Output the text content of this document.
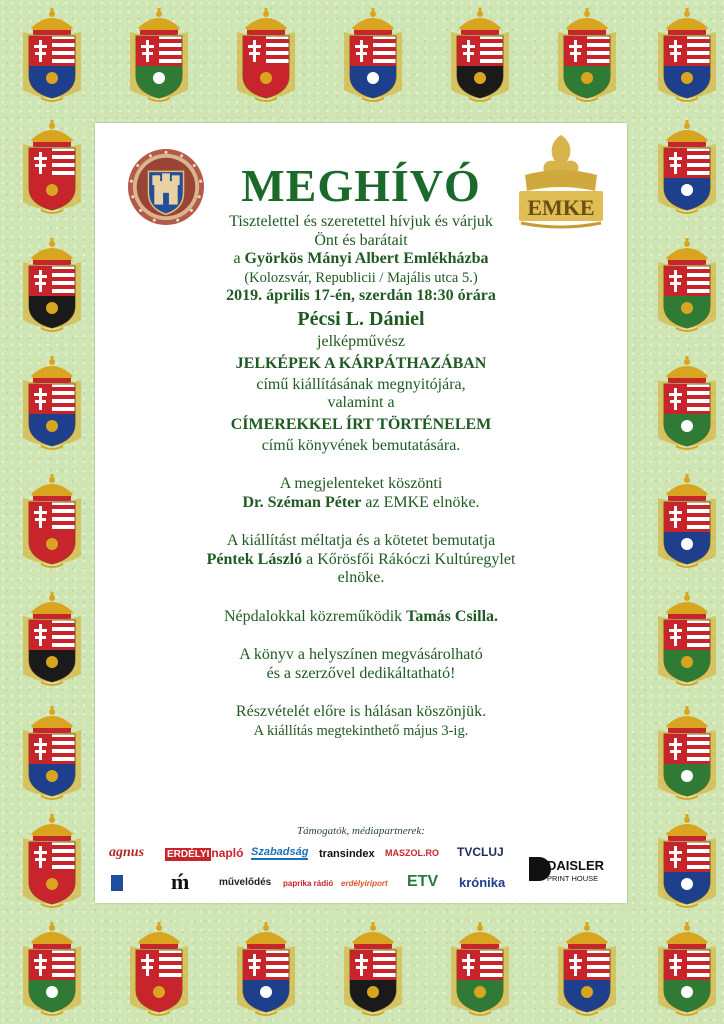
EMKE
MEGHÍVÓ

Tisztelettel és szeretettel hívjuk és várjuk

Önt és barátait

a Györkös Mányi Albert Emlékházba

(Kolozsvár, Republicii / Majális utca 5.)

2019. április 17-én, szerdán 18:30 órára

Pécsi L. Dániel

jelképművész

JELKÉPEK A KÁRPÁTHAZÁBAN

című kiállításának megnyitójára,

valamint a

CÍMEREKKEL ÍRT TÖRTÉNELEM

című könyvének bemutatására.

A megjelenteket köszönti

Dr. Széman Péter az EMKE elnöke.

A kiállítást méltatja és a kötetet bemutatja

Péntek László a Kőrösfői Rákóczi Kultúregylet

elnöke.

Népdalokkal közreműködik Tamás Csilla.

A könyv a helyszínen megvásárolható

és a szerzővel dedikáltatható!

Részvételét előre is hálásan köszönjük.

A kiállítás megtekinthető május 3-ig.

Támogatók, médiapartnerek:
agnus ERDÉLYI napló Szabadság transindex MASZOL.RO TVCLUJ
ḿ	művelődés paprika rádió erdélyiriport ETV krónika
DAISLER
PRINT HOUSE
